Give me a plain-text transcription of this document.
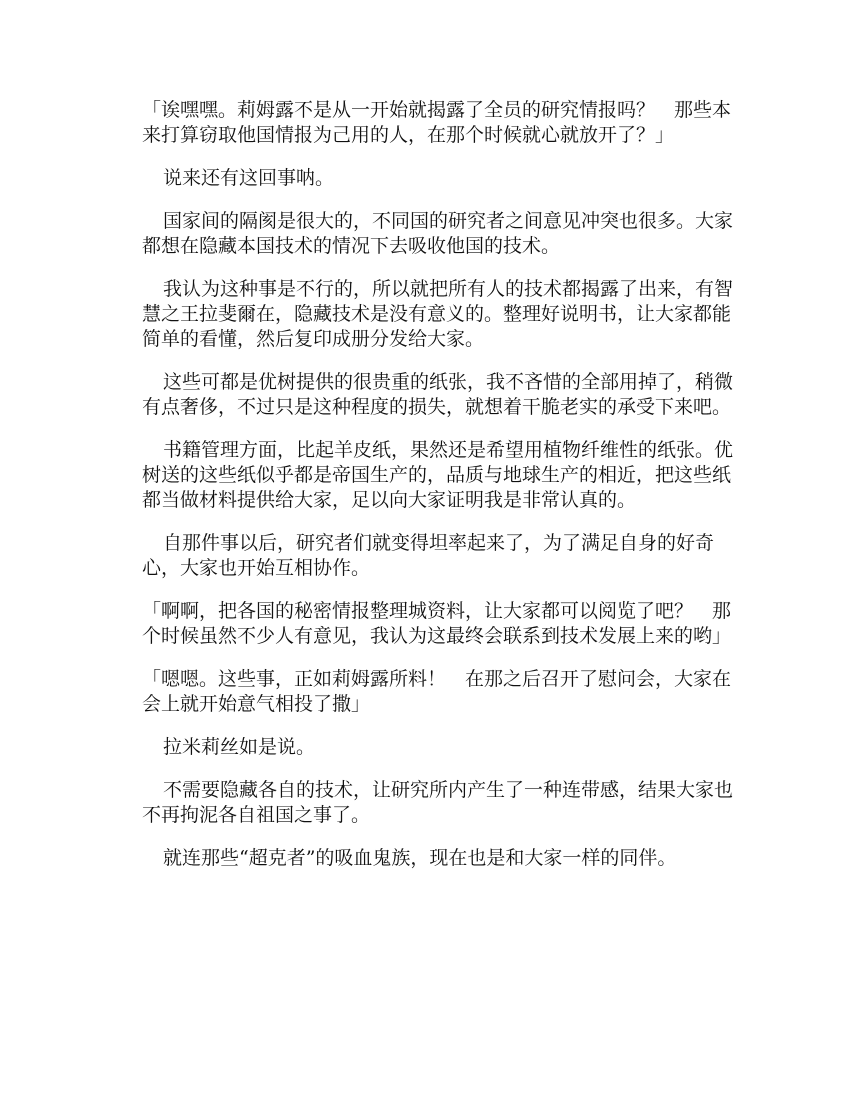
「诶嘿嘿。莉姆露不是从一开始就揭露了全员的研究情报吗？　那些本来打算窃取他国情报为己用的人，在那个时候就心就放开了？」

说来还有这回事呐。

国家间的隔阂是很大的，不同国的研究者之间意见冲突也很多。大家都想在隐藏本国技术的情况下去吸收他国的技术。

我认为这种事是不行的，所以就把所有人的技术都揭露了出来，有智慧之王拉斐爾在，隐藏技术是没有意义的。整理好说明书，让大家都能简单的看懂，然后复印成册分发给大家。

这些可都是优树提供的很贵重的纸张，我不吝惜的全部用掉了，稍微有点奢侈，不过只是这种程度的损失，就想着干脆老实的承受下来吧。

书籍管理方面，比起羊皮纸，果然还是希望用植物纤维性的纸张。优树送的这些纸似乎都是帝国生产的，品质与地球生产的相近，把这些纸都当做材料提供给大家，足以向大家证明我是非常认真的。

自那件事以后，研究者们就变得坦率起来了，为了满足自身的好奇心，大家也开始互相协作。

「啊啊，把各国的秘密情报整理城资料，让大家都可以阅览了吧？　那个时候虽然不少人有意见，我认为这最终会联系到技术发展上来的哟」

「嗯嗯。这些事，正如莉姆露所料！　在那之后召开了慰问会，大家在会上就开始意气相投了撒」

拉米莉丝如是说。

不需要隐藏各自的技术，让研究所内产生了一种连带感，结果大家也不再拘泥各自祖国之事了。

就连那些“超克者”的吸血鬼族，现在也是和大家一样的同伴。
